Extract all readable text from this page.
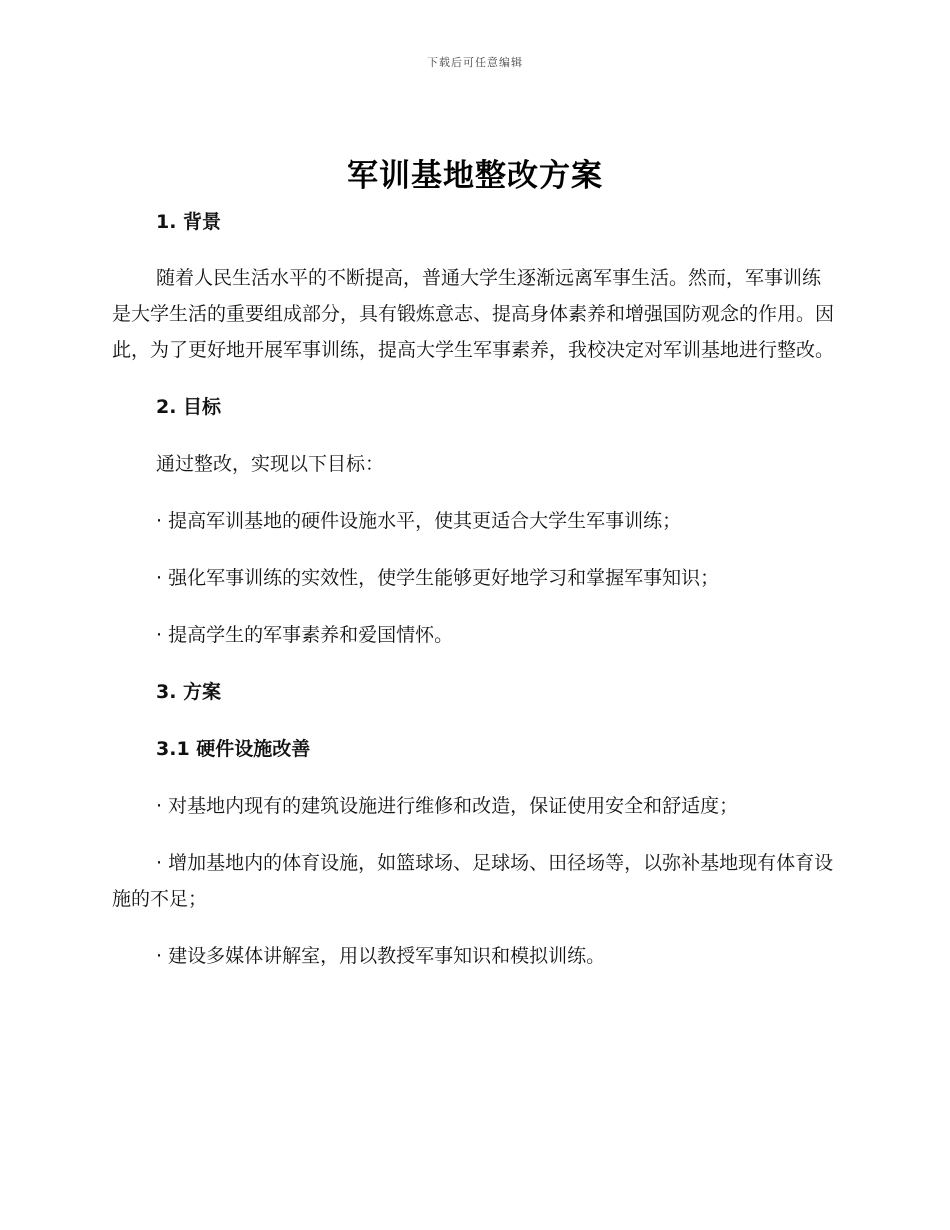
下载后可任意编辑
军训基地整改方案

1. 背景

随着人民生活水平的不断提高，普通大学生逐渐远离军事生活。然而，军事训练是大学生活的重要组成部分，具有锻炼意志、提高身体素养和增强国防观念的作用。因此，为了更好地开展军事训练，提高大学生军事素养，我校决定对军训基地进行整改。

2. 目标

通过整改，实现以下目标：

· 提高军训基地的硬件设施水平，使其更适合大学生军事训练；

· 强化军事训练的实效性，使学生能够更好地学习和掌握军事知识；

· 提高学生的军事素养和爱国情怀。

3. 方案

3.1 硬件设施改善

· 对基地内现有的建筑设施进行维修和改造，保证使用安全和舒适度；

· 增加基地内的体育设施，如篮球场、足球场、田径场等，以弥补基地现有体育设施的不足；

· 建设多媒体讲解室，用以教授军事知识和模拟训练。
